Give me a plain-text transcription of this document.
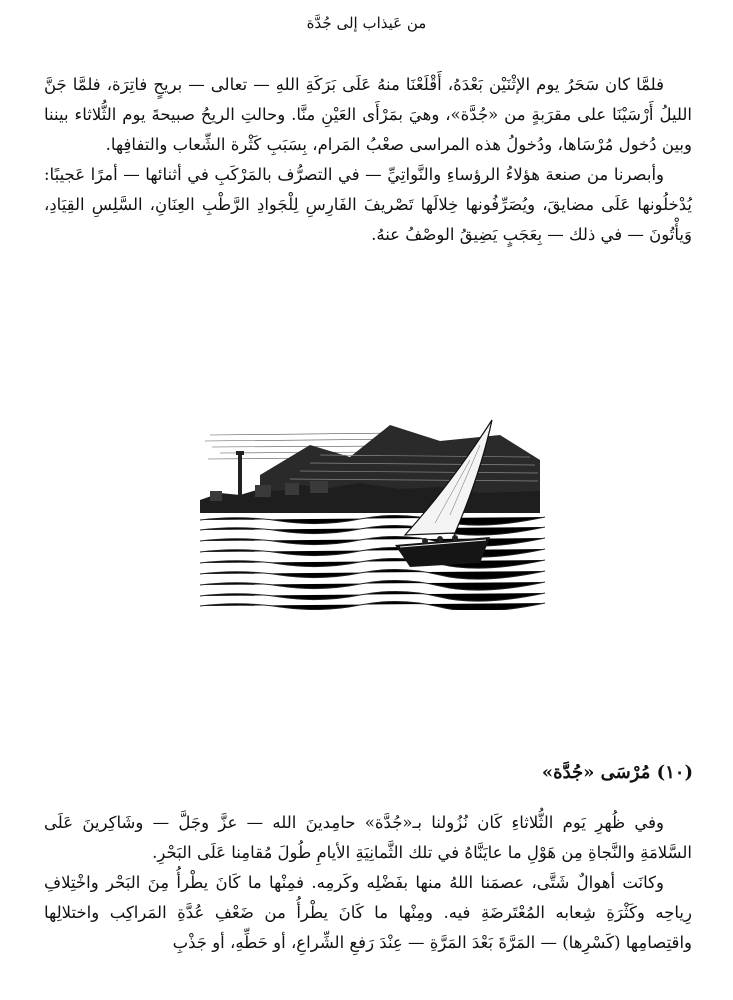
من عَيذاب إلى جُدَّة

فلمَّا كان سَحَرُ يوم الإثْنَيْن بَعْدَهُ، أَقْلَعْنَا منهُ عَلَى بَرَكَةِ اللهِ — تعالى — بريحٍ فاتِرَة، فلمَّا جَنَّ الليلُ أَرْسَيْنَا على مقرَبةٍ من «جُدَّة»، وهيَ بمَرْأَى العَيْنِ منَّا. وحالتِ الريحُ صبيحةَ يوم الثُّلاثاء بيننا وبين دُخول مُرْسَاها، ودُخولُ هذه المراسى صعْبُ المَرام، بِسَبَبِ كَثْرة الشِّعاب والتفافِها.

وأبصرنا من صنعة هؤلاءُ الرؤساءِ والنَّواتِيِّ — في التصرُّف بالمَرْكَبِ في أثنائها — أمرًا عَجيبًا: يُدْخلُونها عَلَى مضايقَ، ويُصَرِّفُونها خِلالَها تَصْريفَ الفَارِسِ لِلْجَوادِ الرَّطْبِ العِنَانِ، السَّلِسِ القِيَادِ، وَيأْتُونَ — في ذلك — بِعَجَبٍ يَضِيقُ الوصْفُ عنهُ.

(١٠) مُرْسَى «جُدَّة»

وفي ظُهرِ يَوم الثُّلاثاءِ كَان نُزُولنا بـ«جُدَّة» حامِدينَ الله — عزَّ وجَلَّ — وشَاكِرينَ عَلَى السَّلامَةِ والنَّجاةِ مِن هَوْلِ ما عايَنَّاهُ في تلك الثَّمانِيَةِ الأيامِ طُولَ مُقامِنا عَلَى البَحْرِ.

وكانَت أهوالٌ شَتَّى، عصمَنا اللهُ منها بفَضْلِه وكَرمِه. فمِنْها ما كَانَ يطْرأُ مِنَ البَحْر واخْتِلافِ رِياحِه وكَثْرَةِ شِعابه المُعْتَرضَةِ فيه. ومِنْها ما كَانَ يطْرأُ من ضَعْفِ عُدَّةِ المَراكِب واختلالِها واقتِصامِها (كَسْرِها) — المَرَّةَ بَعْدَ المَرَّةِ — عِنْدَ رَفعِ الشِّراعِ، أو حَطِّهِ، أو جَذْبِ
